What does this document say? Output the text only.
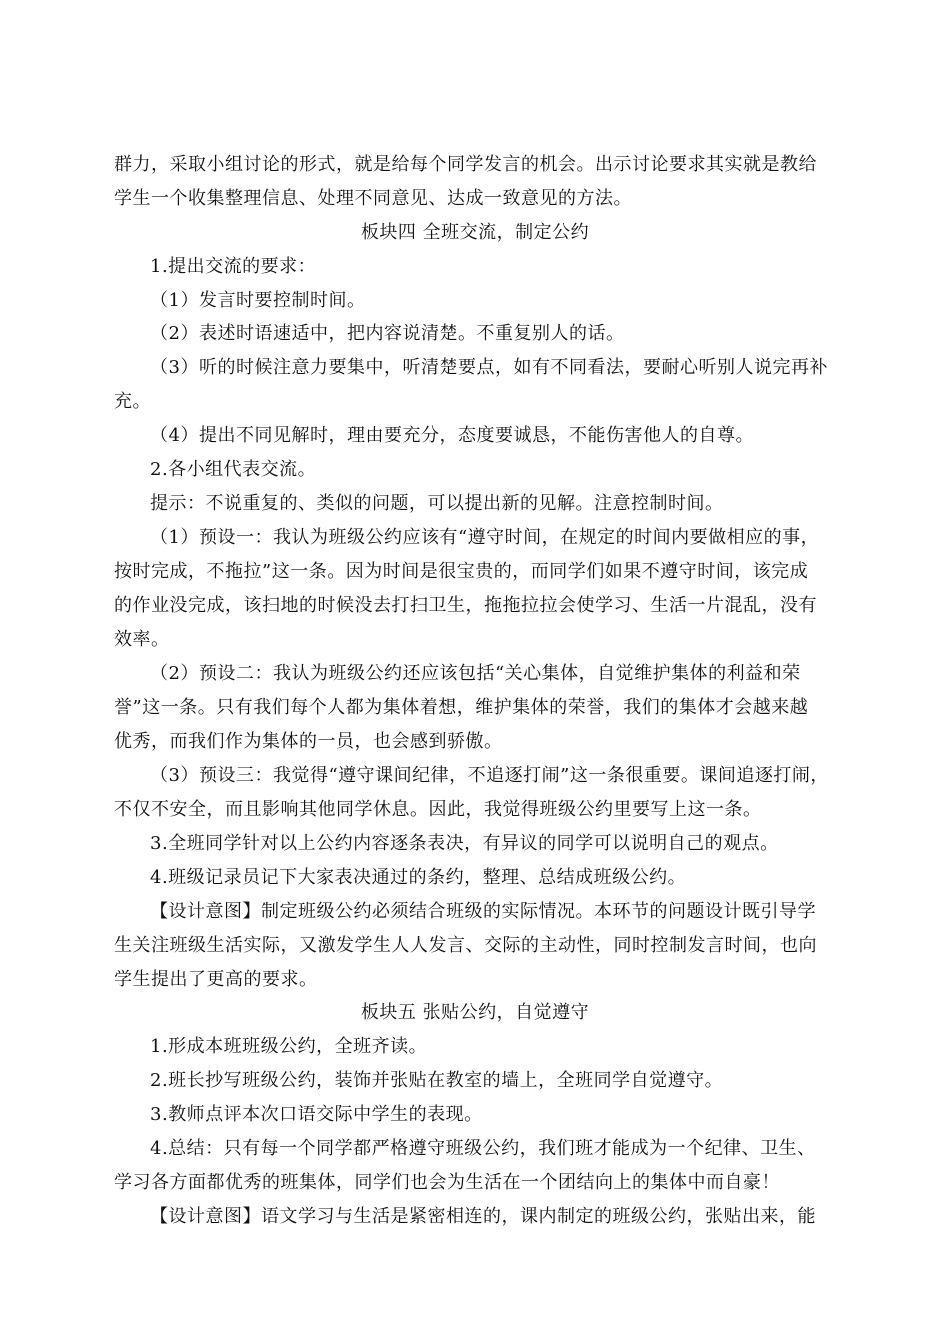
群力，采取小组讨论的形式，就是给每个同学发言的机会。出示讨论要求其实就是教给
学生一个收集整理信息、处理不同意见、达成一致意见的方法。
板块四 全班交流，制定公约
1.提出交流的要求：
（1）发言时要控制时间。
（2）表述时语速适中，把内容说清楚。不重复别人的话。
（3）听的时候注意力要集中，听清楚要点，如有不同看法，要耐心听别人说完再补
充。
（4）提出不同见解时，理由要充分，态度要诚恳，不能伤害他人的自尊。
2.各小组代表交流。
提示：不说重复的、类似的问题，可以提出新的见解。注意控制时间。
（1）预设一：我认为班级公约应该有“遵守时间，在规定的时间内要做相应的事，
按时完成，不拖拉”这一条。因为时间是很宝贵的，而同学们如果不遵守时间，该完成
的作业没完成，该扫地的时候没去打扫卫生，拖拖拉拉会使学习、生活一片混乱，没有
效率。
（2）预设二：我认为班级公约还应该包括“关心集体，自觉维护集体的利益和荣
誉”这一条。只有我们每个人都为集体着想，维护集体的荣誉，我们的集体才会越来越
优秀，而我们作为集体的一员，也会感到骄傲。
（3）预设三：我觉得“遵守课间纪律，不追逐打闹”这一条很重要。课间追逐打闹，
不仅不安全，而且影响其他同学休息。因此，我觉得班级公约里要写上这一条。
3.全班同学针对以上公约内容逐条表决，有异议的同学可以说明自己的观点。
4.班级记录员记下大家表决通过的条约，整理、总结成班级公约。
【设计意图】制定班级公约必须结合班级的实际情况。本环节的问题设计既引导学
生关注班级生活实际，又激发学生人人发言、交际的主动性，同时控制发言时间，也向
学生提出了更高的要求。
板块五 张贴公约，自觉遵守
1.形成本班班级公约，全班齐读。
2.班长抄写班级公约，装饰并张贴在教室的墙上，全班同学自觉遵守。
3.教师点评本次口语交际中学生的表现。
4.总结：只有每一个同学都严格遵守班级公约，我们班才能成为一个纪律、卫生、
学习各方面都优秀的班集体，同学们也会为生活在一个团结向上的集体中而自豪！
【设计意图】语文学习与生活是紧密相连的，课内制定的班级公约，张贴出来，能
